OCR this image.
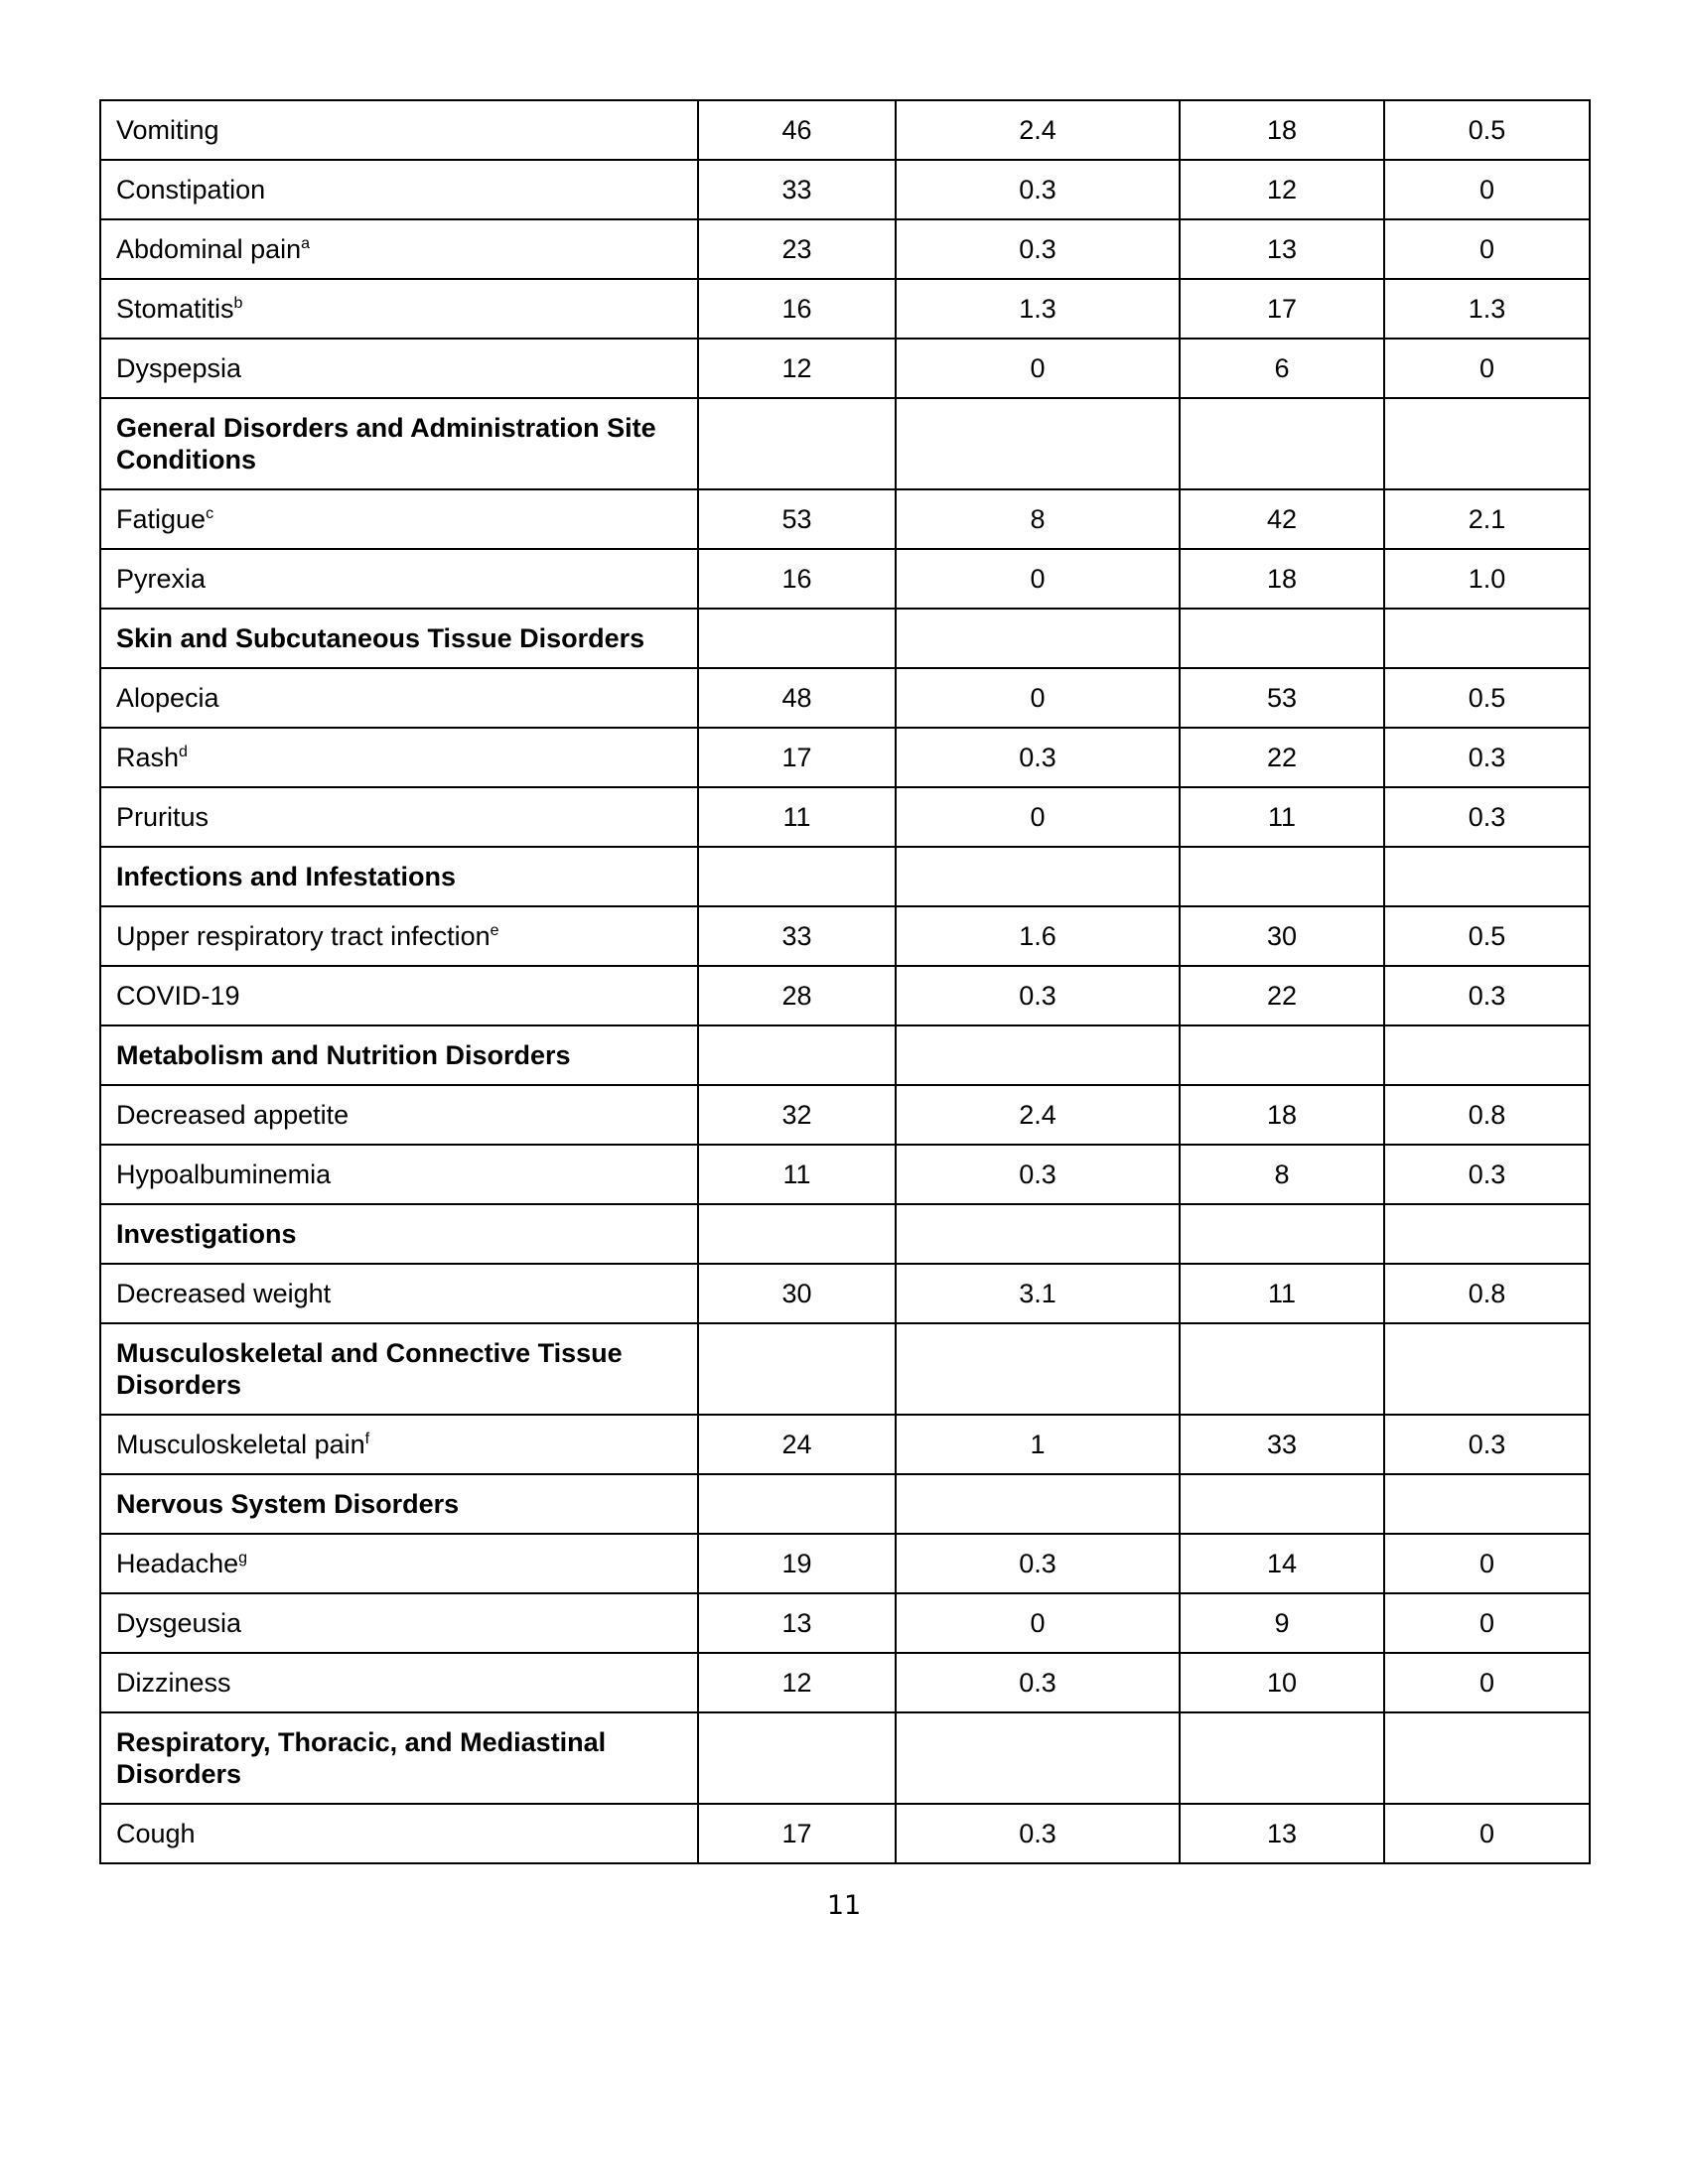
Vomiting	46	2.4	18	0.5
Constipation	33	0.3	12	0
Abdominal pain$^a$	23	0.3	13	0
Stomatitis$^b$	16	1.3	17	1.3
Dyspepsia	12	0	6	0
General Disorders and Administration Site Conditions				
Fatigue$^c$	53	8	42	2.1
Pyrexia	16	0	18	1.0
Skin and Subcutaneous Tissue Disorders				
Alopecia	48	0	53	0.5
Rash$^d$	17	0.3	22	0.3
Pruritus	11	0	11	0.3
Infections and Infestations				
Upper respiratory tract infection$^e$	33	1.6	30	0.5
COVID-19	28	0.3	22	0.3
Metabolism and Nutrition Disorders				
Decreased appetite	32	2.4	18	0.8
Hypoalbuminemia	11	0.3	8	0.3
Investigations				
Decreased weight	30	3.1	11	0.8
Musculoskeletal and Connective Tissue Disorders				
Musculoskeletal pain$^f$	24	1	33	0.3
Nervous System Disorders				
Headache$^g$	19	0.3	14	0
Dysgeusia	13	0	9	0
Dizziness	12	0.3	10	0
Respiratory, Thoracic, and Mediastinal Disorders				
Cough	17	0.3	13	0
11
